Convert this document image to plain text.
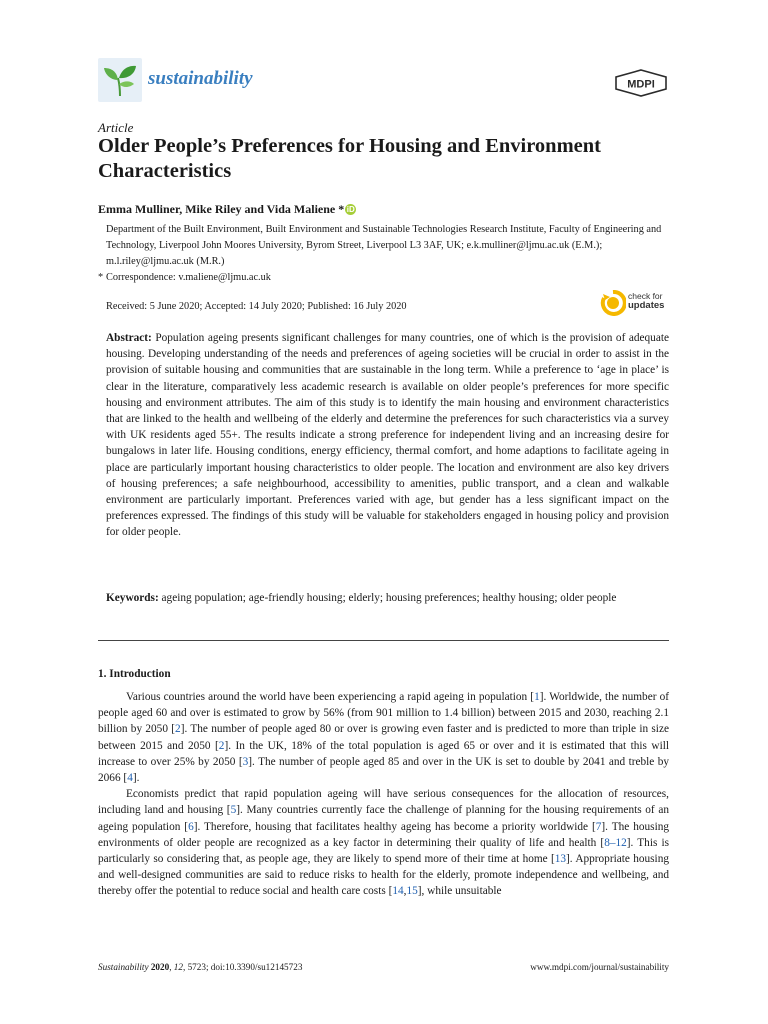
sustainability	MDPI
Article
Older People’s Preferences for Housing and Environment Characteristics
Emma Mulliner, Mike Riley and Vida Maliene * iD
Department of the Built Environment, Built Environment and Sustainable Technologies Research Institute, Faculty of Engineering and Technology, Liverpool John Moores University, Byrom Street, Liverpool L3 3AF, UK; e.k.mulliner@ljmu.ac.uk (E.M.); m.l.riley@ljmu.ac.uk (M.R.)
* Correspondence: v.maliene@ljmu.ac.uk
Received: 5 June 2020; Accepted: 14 July 2020; Published: 16 July 2020
check for
updates
Abstract: Population ageing presents significant challenges for many countries, one of which is the provision of adequate housing. Developing understanding of the needs and preferences of ageing societies will be crucial in order to assist in the provision of suitable housing and communities that are sustainable in the long term. While a preference to ‘age in place’ is clear in the literature, comparatively less academic research is available on older people’s preferences for more specific housing and environment attributes. The aim of this study is to identify the main housing and environment characteristics that are linked to the health and wellbeing of the elderly and determine the preferences for such characteristics via a survey with UK residents aged 55+. The results indicate a strong preference for independent living and an increasing desire for bungalows in later life. Housing conditions, energy efficiency, thermal comfort, and home adaptions to facilitate ageing in place are particularly important housing characteristics to older people. The location and environment are also key drivers of housing preferences; a safe neighbourhood, accessibility to amenities, public transport, and a clean and walkable environment are particularly important. Preferences varied with age, but gender has a less significant impact on the preferences expressed. The findings of this study will be valuable for stakeholders engaged in housing policy and provision for older people.
Keywords: ageing population; age-friendly housing; elderly; housing preferences; healthy housing; older people
1. Introduction

Various countries around the world have been experiencing a rapid ageing in population [1]. Worldwide, the number of people aged 60 and over is estimated to grow by 56% (from 901 million to 1.4 billion) between 2015 and 2030, reaching 2.1 billion by 2050 [2]. The number of people aged 80 or over is growing even faster and is predicted to more than triple in size between 2015 and 2050 [2]. In the UK, 18% of the total population is aged 65 or over and it is estimated that this will increase to over 25% by 2050 [3]. The number of people aged 85 and over in the UK is set to double by 2041 and treble by 2066 [4].

Economists predict that rapid population ageing will have serious consequences for the allocation of resources, including land and housing [5]. Many countries currently face the challenge of planning for the housing requirements of an ageing population [6]. Therefore, housing that facilitates healthy ageing has become a priority worldwide [7]. The housing environments of older people are recognized as a key factor in determining their quality of life and health [8–12]. This is particularly so considering that, as people age, they are likely to spend more of their time at home [13]. Appropriate housing and well-designed communities are said to reduce risks to health for the elderly, promote independence and wellbeing, and thereby offer the potential to reduce social and health care costs [14,15], while unsuitable

Sustainability 2020, 12, 5723; doi:10.3390/su12145723	www.mdpi.com/journal/sustainability
